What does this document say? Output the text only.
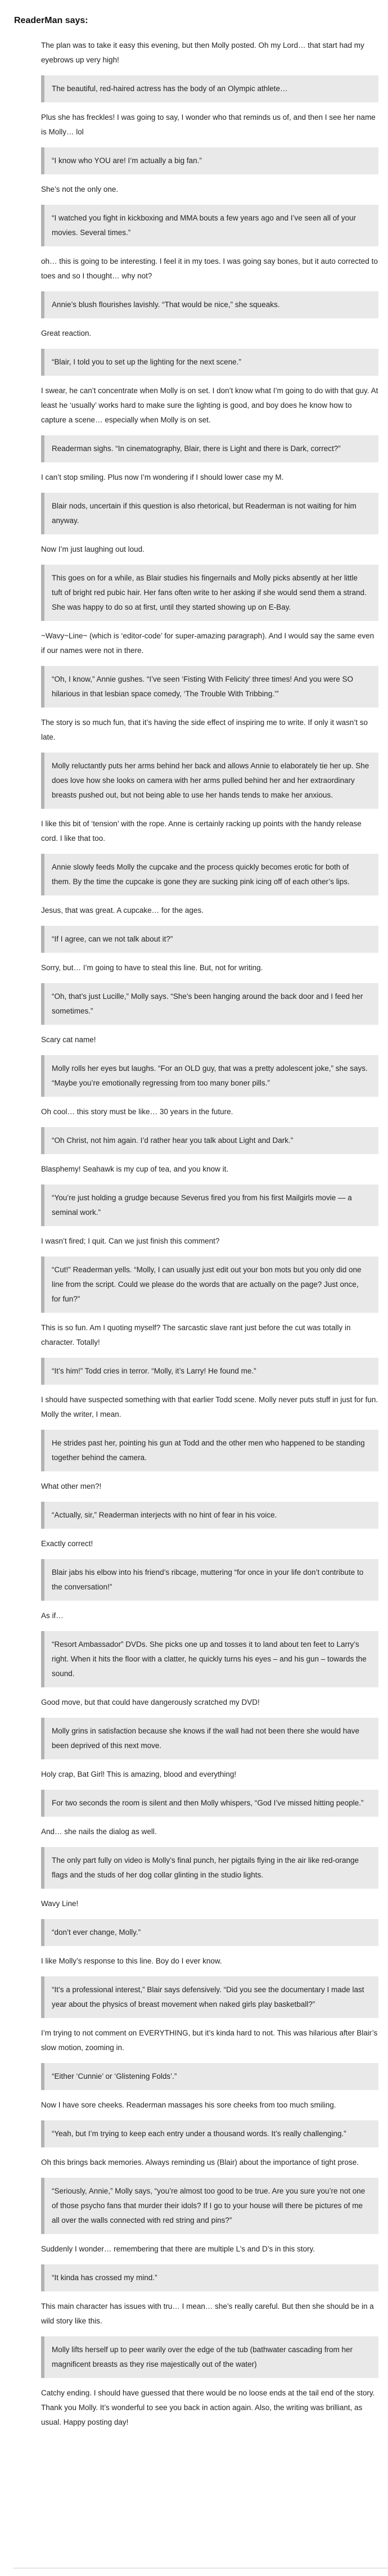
ReaderMan says:

The plan was to take it easy this evening, but then Molly posted. Oh my Lord… that start had my eyebrows up very high!

The beautiful, red-haired actress has the body of an Olympic athlete…

Plus she has freckles! I was going to say, I wonder who that reminds us of, and then I see her name is Molly… lol

“I know who YOU are! I’m actually a big fan.”

She’s not the only one.

“I watched you fight in kickboxing and MMA bouts a few years ago and I’ve seen all of your movies. Several times.”

oh… this is going to be interesting. I feel it in my toes. I was going say bones, but it auto corrected to toes and so I thought… why not?

Annie’s blush flourishes lavishly. “That would be nice,” she squeaks.

Great reaction.

“Blair, I told you to set up the lighting for the next scene.”

I swear, he can’t concentrate when Molly is on set. I don’t know what I’m going to do with that guy. At least he ‘usually’ works hard to make sure the lighting is good, and boy does he know how to capture a scene… especially when Molly is on set.

Readerman sighs. “In cinematography, Blair, there is Light and there is Dark, correct?”

I can’t stop smiling. Plus now I’m wondering if I should lower case my M.

Blair nods, uncertain if this question is also rhetorical, but Readerman is not waiting for him anyway.

Now I’m just laughing out loud.

This goes on for a while, as Blair studies his fingernails and Molly picks absently at her little tuft of bright red pubic hair. Her fans often write to her asking if she would send them a strand. She was happy to do so at first, until they started showing up on E-Bay.

~Wavy~Line~ (which is ‘editor-code’ for super-amazing paragraph). And I would say the same even if our names were not in there.

“Oh, I know,” Annie gushes. “I’ve seen ‘Fisting With Felicity’ three times! And you were SO hilarious in that lesbian space comedy, ‘The Trouble With Tribbing.’”

The story is so much fun, that it’s having the side effect of inspiring me to write. If only it wasn’t so late.

Molly reluctantly puts her arms behind her back and allows Annie to elaborately tie her up. She does love how she looks on camera with her arms pulled behind her and her extraordinary breasts pushed out, but not being able to use her hands tends to make her anxious.

I like this bit of ‘tension’ with the rope. Anne is certainly racking up points with the handy release cord. I like that too.

Annie slowly feeds Molly the cupcake and the process quickly becomes erotic for both of them. By the time the cupcake is gone they are sucking pink icing off of each other’s lips.

Jesus, that was great. A cupcake… for the ages.

“If I agree, can we not talk about it?”

Sorry, but… I’m going to have to steal this line. But, not for writing.

“Oh, that’s just Lucille,” Molly says. “She’s been hanging around the back door and I feed her sometimes.”

Scary cat name!

Molly rolls her eyes but laughs. “For an OLD guy, that was a pretty adolescent joke,” she says. “Maybe you’re emotionally regressing from too many boner pills.”

Oh cool… this story must be like… 30 years in the future.

“Oh Christ, not him again. I’d rather hear you talk about Light and Dark.”

Blasphemy! Seahawk is my cup of tea, and you know it.

“You’re just holding a grudge because Severus fired you from his first Mailgirls movie — a seminal work.”

I wasn’t fired; I quit. Can we just finish this comment?

“Cut!” Readerman yells. “Molly, I can usually just edit out your bon mots but you only did one line from the script. Could we please do the words that are actually on the page? Just once, for fun?”

This is so fun. Am I quoting myself? The sarcastic slave rant just before the cut was totally in character. Totally!

“It’s him!” Todd cries in terror. “Molly, it’s Larry! He found me.”

I should have suspected something with that earlier Todd scene. Molly never puts stuff in just for fun. Molly the writer, I mean.

He strides past her, pointing his gun at Todd and the other men who happened to be standing together behind the camera.

What other men?!

“Actually, sir,” Readerman interjects with no hint of fear in his voice.

Exactly correct!

Blair jabs his elbow into his friend’s ribcage, muttering “for once in your life don’t contribute to the conversation!”

As if…

“Resort Ambassador” DVDs. She picks one up and tosses it to land about ten feet to Larry’s right. When it hits the floor with a clatter, he quickly turns his eyes – and his gun – towards the sound.

Good move, but that could have dangerously scratched my DVD!

Molly grins in satisfaction because she knows if the wall had not been there she would have been deprived of this next move.

Holy crap, Bat Girl! This is amazing, blood and everything!

For two seconds the room is silent and then Molly whispers, “God I’ve missed hitting people.”

And… she nails the dialog as well.

The only part fully on video is Molly’s final punch, her pigtails flying in the air like red-orange flags and the studs of her dog collar glinting in the studio lights.

Wavy Line!

“don’t ever change, Molly.”

I like Molly’s response to this line. Boy do I ever know.

“It’s a professional interest,” Blair says defensively. “Did you see the documentary I made last year about the physics of breast movement when naked girls play basketball?”

I’m trying to not comment on EVERYTHING, but it’s kinda hard to not. This was hilarious after Blair’s slow motion, zooming in.

“Either ‘Cunnie’ or ‘Glistening Folds’.”

Now I have sore cheeks. Readerman massages his sore cheeks from too much smiling.

“Yeah, but I’m trying to keep each entry under a thousand words. It’s really challenging.”

Oh this brings back memories. Always reminding us (Blair) about the importance of tight prose.

“Seriously, Annie,” Molly says, “you’re almost too good to be true. Are you sure you’re not one of those psycho fans that murder their idols? If I go to your house will there be pictures of me all over the walls connected with red string and pins?”

Suddenly I wonder… remembering that there are multiple L’s and D’s in this story.

“It kinda has crossed my mind.”

This main character has issues with tru… I mean… she’s really careful. But then she should be in a wild story like this.

Molly lifts herself up to peer warily over the edge of the tub (bathwater cascading from her magnificent breasts as they rise majestically out of the water)

Catchy ending. I should have guessed that there would be no loose ends at the tail end of the story. Thank you Molly. It’s wonderful to see you back in action again. Also, the writing was brilliant, as usual. Happy posting day!
